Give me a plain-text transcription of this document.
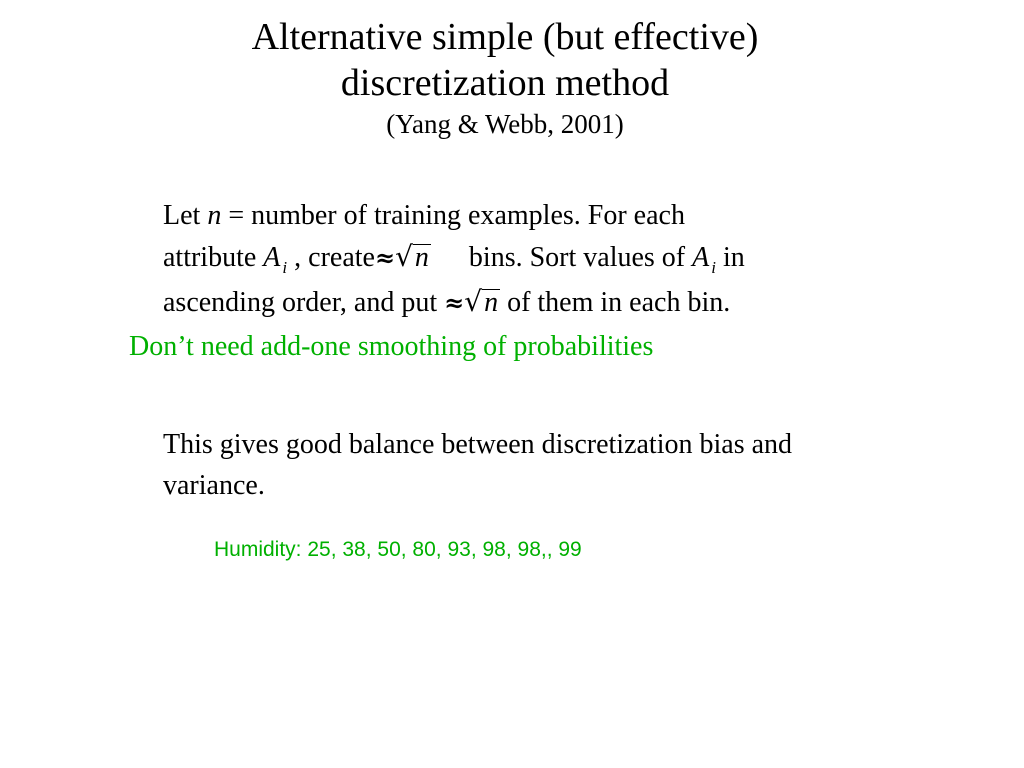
Alternative simple (but effective)
discretization method
(Yang & Webb, 2001)
Let n = number of training examples. For each
attribute A $_i$ , create≈√n bins. Sort values of A $_i$ in
ascending order, and put ≈√n of them in each bin.
Don’t need add-one smoothing of probabilities
This gives good balance between discretization bias and
variance.
Humidity: 25, 38, 50, 80, 93, 98, 98,, 99
